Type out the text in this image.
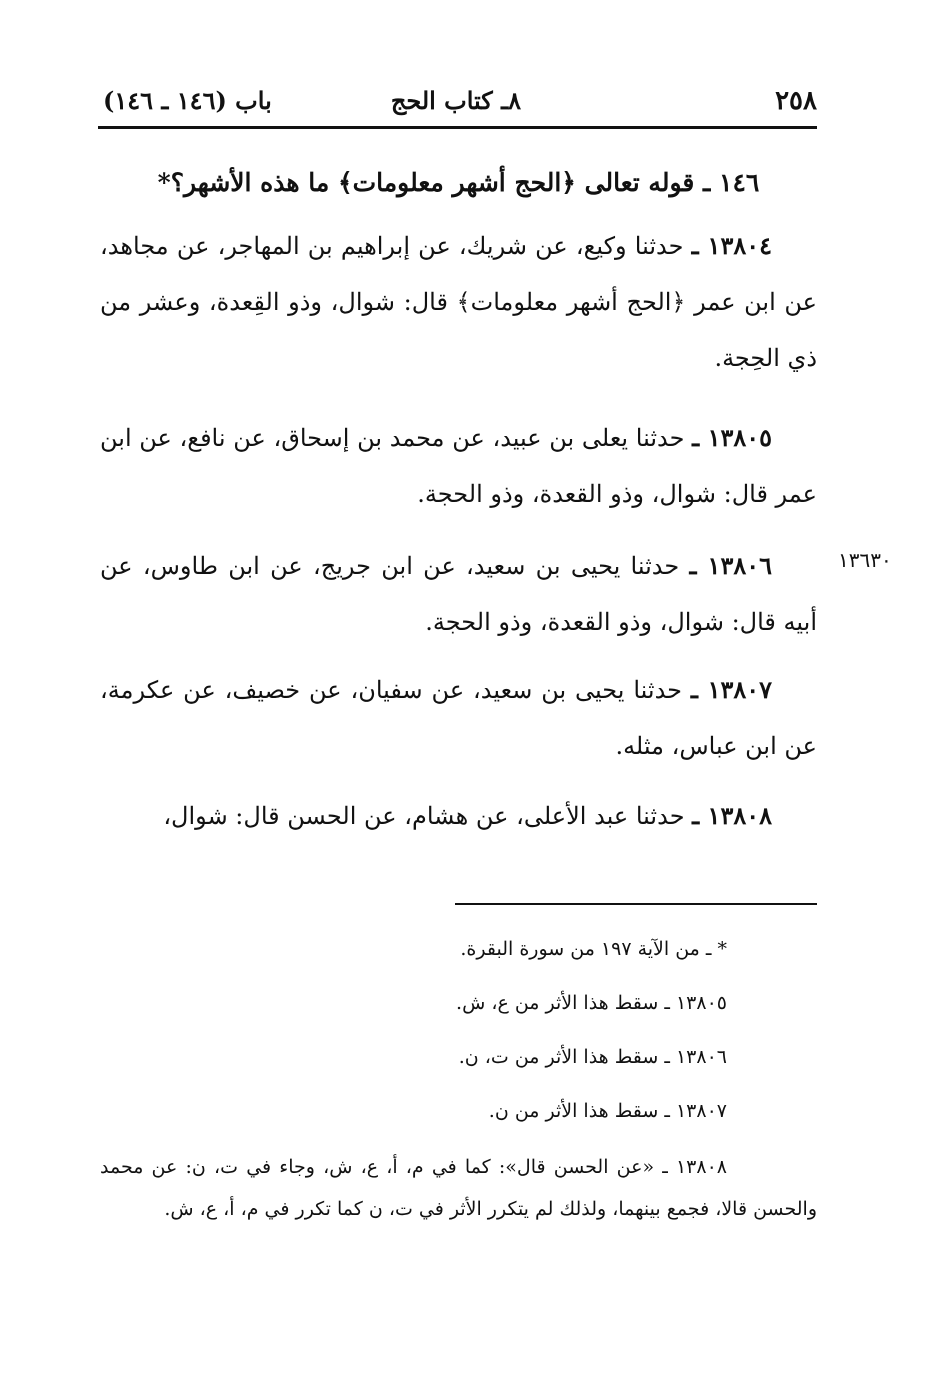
٢٥٨
٨ـ كتاب الحج
باب (١٤٦ ـ ١٤٦)
١٤٦ ـ قوله تعالى ﴿الحج أشهر معلومات﴾ ما هذه الأشهر؟*

١٣٨٠٤ ـ حدثنا وكيع، عن شريك، عن إبراهيم بن المهاجر، عن مجاهد، عن ابن عمر ﴿الحج أشهر معلومات﴾ قال: شوال، وذو القِعدة، وعشر من ذي الحِجة.

١٣٨٠٥ ـ حدثنا يعلى بن عبيد، عن محمد بن إسحاق، عن نافع، عن ابن عمر قال: شوال، وذو القعدة، وذو الحجة.

١٣٨٠٦ ـ حدثنا يحيى بن سعيد، عن ابن جريج، عن ابن طاوس، عن أبيه قال: شوال، وذو القعدة، وذو الحجة.

١٣٦٣٠

١٣٨٠٧ ـ حدثنا يحيى بن سعيد، عن سفيان، عن خصيف، عن عكرمة، عن ابن عباس، مثله.

١٣٨٠٨ ـ حدثنا عبد الأعلى، عن هشام، عن الحسن قال: شوال،

* ـ من الآية ١٩٧ من سورة البقرة.
١٣٨٠٥ ـ سقط هذا الأثر من ع، ش.
١٣٨٠٦ ـ سقط هذا الأثر من ت، ن.
١٣٨٠٧ ـ سقط هذا الأثر من ن.

١٣٨٠٨ ـ «عن الحسن قال»: كما في م، أ، ع، ش، وجاء في ت، ن: عن محمد والحسن قالا، فجمع بينهما، ولذلك لم يتكرر الأثر في ت، ن كما تكرر في م، أ، ع، ش.
